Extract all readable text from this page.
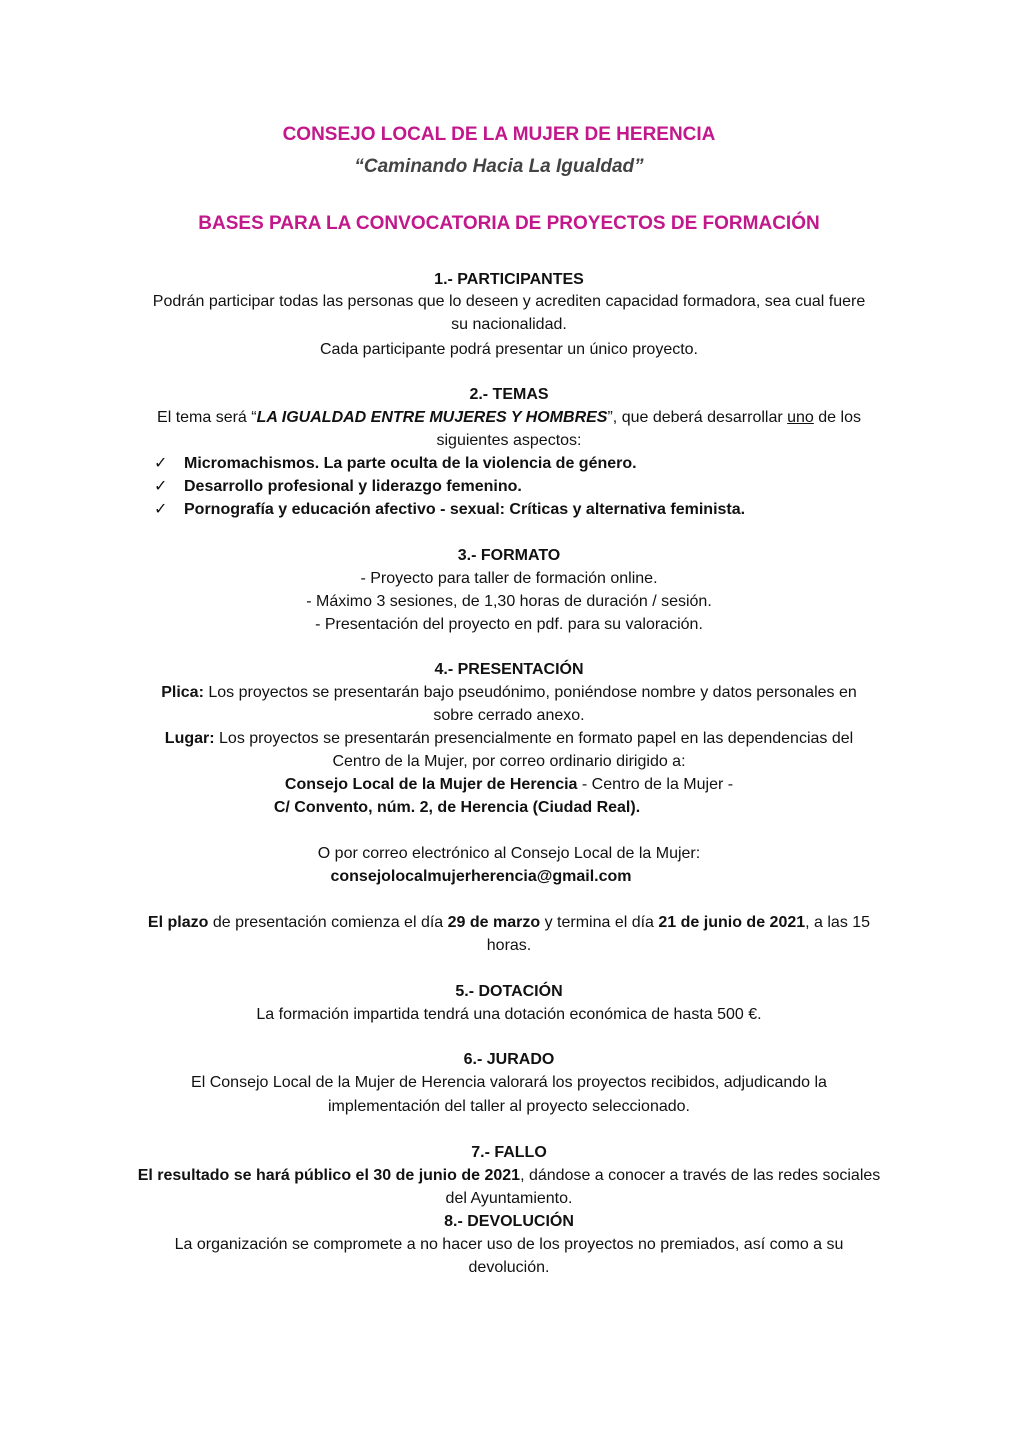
CONSEJO LOCAL DE LA MUJER DE HERENCIA
“Caminando Hacia La Igualdad”
BASES PARA LA CONVOCATORIA DE PROYECTOS DE FORMACIÓN
1.- PARTICIPANTES
Podrán participar todas las personas que lo deseen y acrediten capacidad formadora, sea cual fuere
su nacionalidad.
Cada participante podrá presentar un único proyecto.
2.- TEMAS
El tema será “LA IGUALDAD ENTRE MUJERES Y HOMBRES”, que deberá desarrollar uno de los
siguientes aspectos:
✓ Micromachismos. La parte oculta de la violencia de género.
✓ Desarrollo profesional y liderazgo femenino.
✓ Pornografía y educación afectivo - sexual: Críticas y alternativa feminista.
3.- FORMATO
- Proyecto para taller de formación online.
- Máximo 3 sesiones, de 1,30 horas de duración / sesión.
- Presentación del proyecto en pdf. para su valoración.
4.- PRESENTACIÓN
Plica: Los proyectos se presentarán bajo pseudónimo, poniéndose nombre y datos personales en
sobre cerrado anexo.
Lugar: Los proyectos se presentarán presencialmente en formato papel en las dependencias del
Centro de la Mujer, por correo ordinario dirigido a:
Consejo Local de la Mujer de Herencia - Centro de la Mujer -
C/ Convento, núm. 2, de Herencia (Ciudad Real).
O por correo electrónico al Consejo Local de la Mujer:
consejolocalmujerherencia@gmail.com
El plazo de presentación comienza el día 29 de marzo y termina el día 21 de junio de 2021, a las 15
horas.
5.- DOTACIÓN
La formación impartida tendrá una dotación económica de hasta 500 €.
6.- JURADO
El Consejo Local de la Mujer de Herencia valorará los proyectos recibidos, adjudicando la
implementación del taller al proyecto seleccionado.
7.- FALLO
El resultado se hará público el 30 de junio de 2021, dándose a conocer a través de las redes sociales
del Ayuntamiento.
8.- DEVOLUCIÓN
La organización se compromete a no hacer uso de los proyectos no premiados, así como a su
devolución.
